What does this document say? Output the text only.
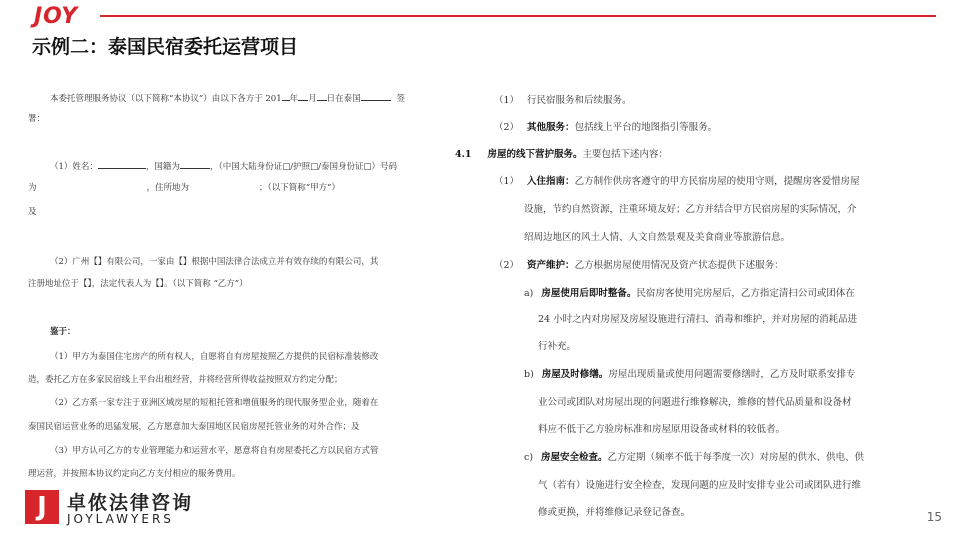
JOY
示例二：泰国民宿委托运营项目
本委托管理服务协议（以下简称“本协议”）由以下各方于 201 年 月 日在泰国	签
署：
（1）姓名：	，国籍为	，（中国大陆身份证□/护照□/泰国身份证□）号码
为	，住所地为	；（以下简称“甲方”）
及
（2）广州【】有限公司，一家由【】根据中国法律合法成立并有效存续的有限公司，其
注册地址位于【】，法定代表人为【】。（以下简称 “乙方”）
鉴于：
（1）甲方为泰国住宅房产的所有权人，自愿将自有房屋按照乙方提供的民宿标准装修改
造，委托乙方在多家民宿线上平台出租经营，并将经营所得收益按照双方约定分配；
（2）乙方系一家专注于亚洲区域房屋的短租托管和增值服务的现代服务型企业，随着在
泰国民宿运营业务的迅猛发展，乙方愿意加大泰国地区民宿房屋托管业务的对外合作；及
（3）甲方认可乙方的专业管理能力和运营水平，愿意将自有房屋委托乙方以民宿方式管
理运营，并按照本协议约定向乙方支付相应的服务费用。
（1） 行民宿服务和后续服务。
（2） 其他服务：包括线上平台的地图指引等服务。
4.1 房屋的线下营护服务。主要包括下述内容：
（1） 入住指南：乙方制作供房客遵守的甲方民宿房屋的使用守则，提醒房客爱惜房屋
设施，节约自然资源，注重环境友好；乙方并结合甲方民宿房屋的实际情况，介
绍周边地区的风土人情、人文自然景观及美食商业等旅游信息。
（2） 资产维护：乙方根据房屋使用情况及资产状态提供下述服务：
a) 房屋使用后即时整备。民宿房客使用完房屋后，乙方指定清扫公司或团体在
24 小时之内对房屋及房屋设施进行清扫、消毒和维护，并对房屋的消耗品进
行补充。
b) 房屋及时修缮。房屋出现质量或使用问题需要修缮时，乙方及时联系安排专
业公司或团队对房屋出现的问题进行维修解决，维修的替代品质量和设备材
料应不低于乙方验房标准和房屋原用设备或材料的较低者。
c) 房屋安全检查。乙方定期（频率不低于每季度一次）对房屋的供水、供电、供
气（若有）设施进行安全检查，发现问题的应及时安排专业公司或团队进行维
修或更换，并将维修记录登记备查。
J	卓侬法律咨询
JOYLAWYERS	15
